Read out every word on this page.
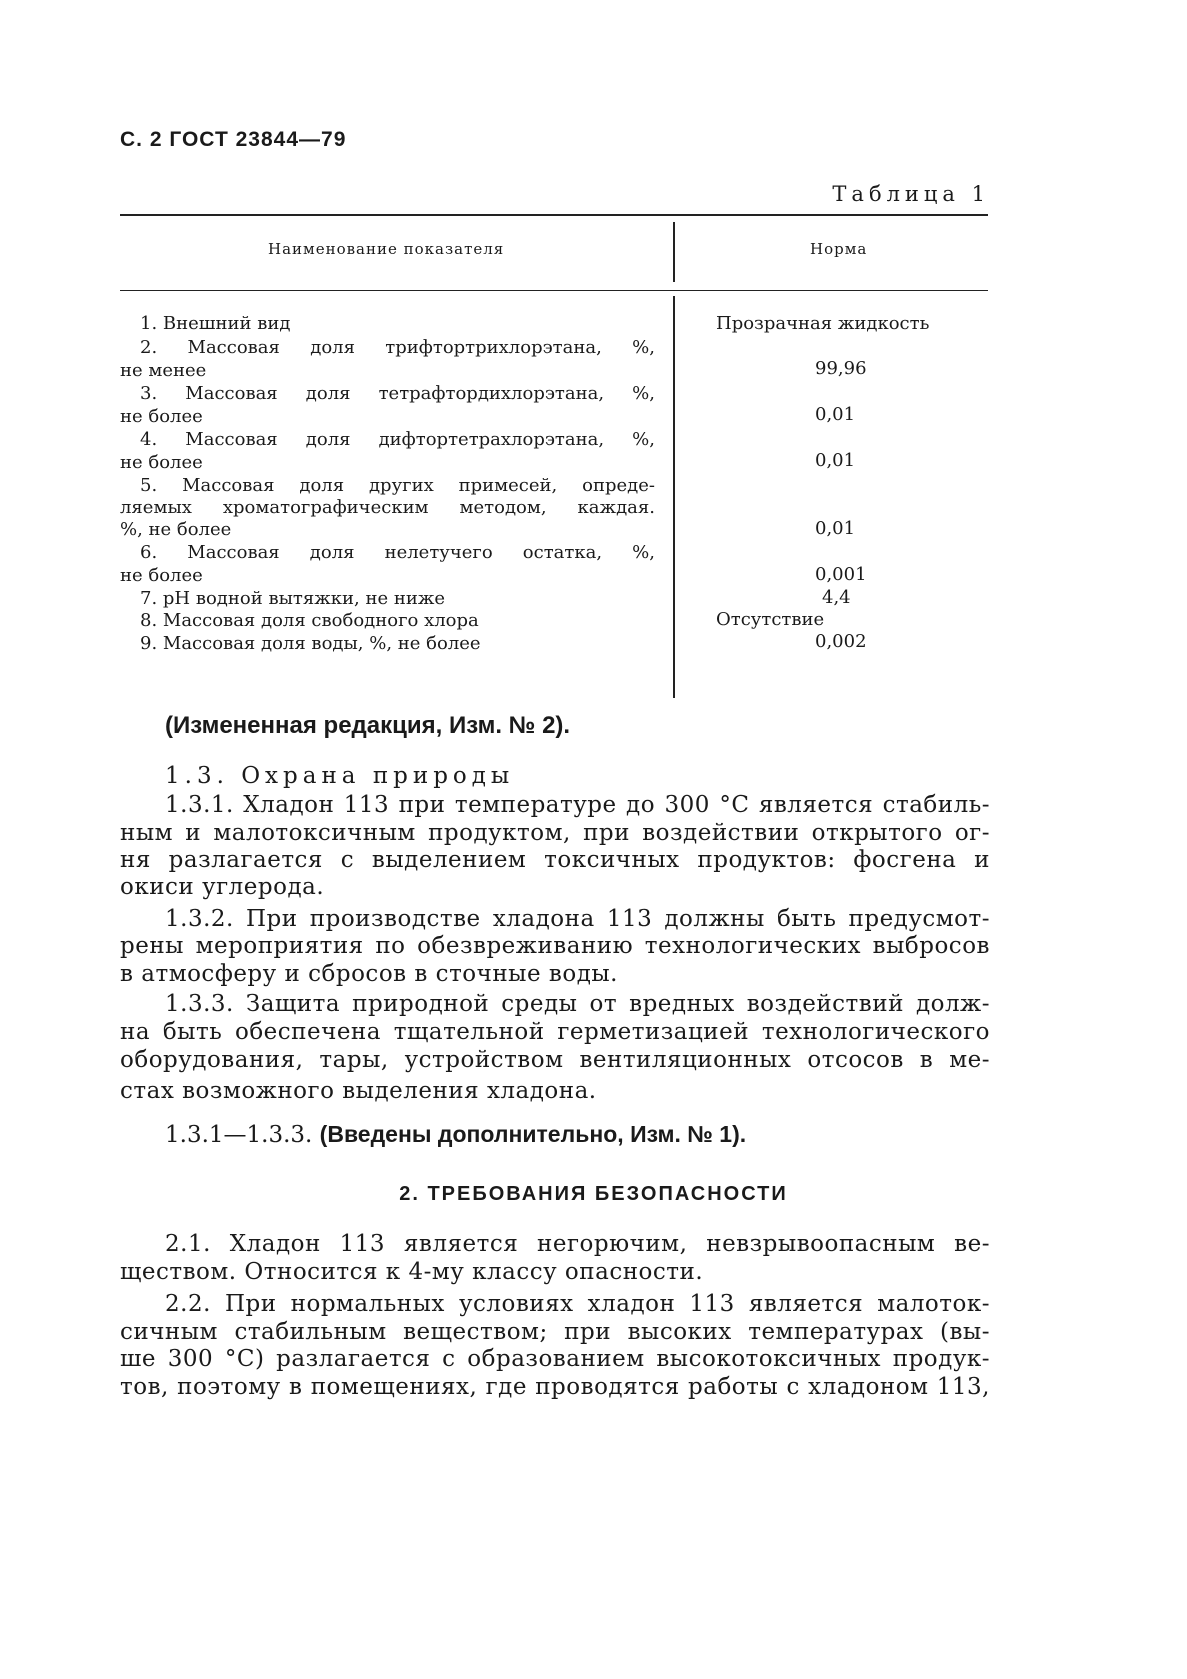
С. 2 ГОСТ 23844—79
Таблица 1
Наименование показателя	Норма
1. Внешний вид
2. Массовая доля трифтортрихлорэтана, %,
не менее
3. Массовая доля тетрафтордихлорэтана, %,
не более
4. Массовая доля дифтортетрахлорэтана, %,
не более
5. Массовая доля других примесей, опреде-
ляемых хроматографическим методом, каждая.
%, не более
6. Массовая доля нелетучего остатка, %,
не более
7. pH водной вытяжки, не ниже
8. Массовая доля свободного хлора
9. Массовая доля воды, %, не более
Прозрачная жидкость
99,96
0,01
0,01
0,01
0,001
4,4
Отсутствие
0,002
(Измененная редакция, Изм. № 2).
1.3. Охрана природы
1.3.1. Хладон 113 при температуре до 300 °С является стабиль-
ным и малотоксичным продуктом, при воздействии открытого ог-
ня разлагается с выделением токсичных продуктов: фосгена и
окиси углерода.
1.3.2. При производстве хладона 113 должны быть предусмот-
рены мероприятия по обезвреживанию технологических выбросов
в атмосферу и сбросов в сточные воды.
1.3.3. Защита природной среды от вредных воздействий долж-
на быть обеспечена тщательной герметизацией технологического
оборудования, тары, устройством вентиляционных отсосов в ме-
стах возможного выделения хладона.
1.3.1—1.3.3. (Введены дополнительно, Изм. № 1).
2. ТРЕБОВАНИЯ БЕЗОПАСНОСТИ
2.1. Хладон 113 является негорючим, невзрывоопасным ве-
ществом. Относится к 4-му классу опасности.
2.2. При нормальных условиях хладон 113 является малоток-
сичным стабильным веществом; при высоких температурах (вы-
ше 300 °С) разлагается с образованием высокотоксичных продук-
тов, поэтому в помещениях, где проводятся работы с хладоном 113,
